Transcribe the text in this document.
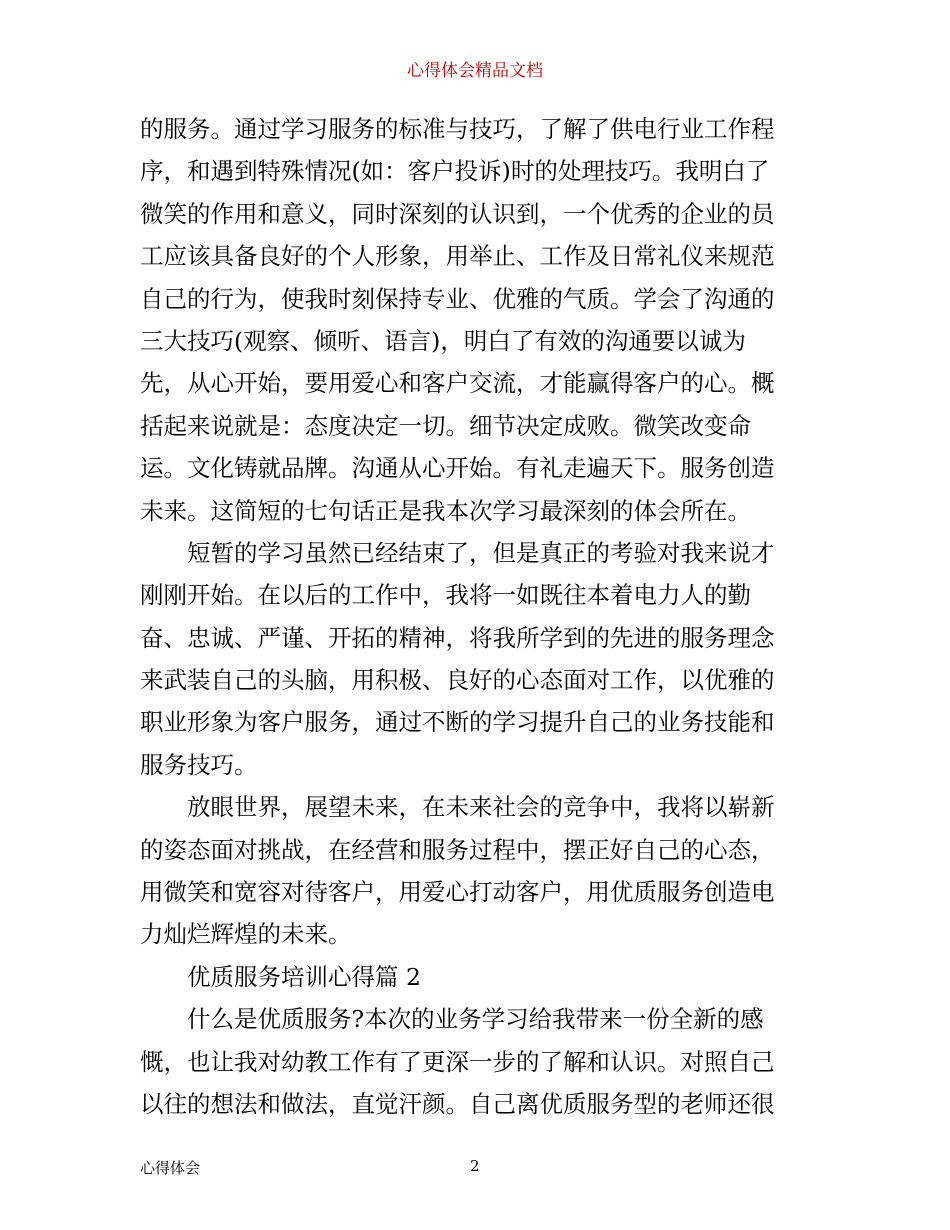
心得体会精品文档
的服务。通过学习服务的标准与技巧，了解了供电行业工作程
序，和遇到特殊情况(如：客户投诉)时的处理技巧。我明白了
微笑的作用和意义，同时深刻的认识到，一个优秀的企业的员
工应该具备良好的个人形象，用举止、工作及日常礼仪来规范
自己的行为，使我时刻保持专业、优雅的气质。学会了沟通的
三大技巧(观察、倾听、语言)，明白了有效的沟通要以诚为
先，从心开始，要用爱心和客户交流，才能赢得客户的心。概
括起来说就是：态度决定一切。细节决定成败。微笑改变命
运。文化铸就品牌。沟通从心开始。有礼走遍天下。服务创造
未来。这简短的七句话正是我本次学习最深刻的体会所在。
短暂的学习虽然已经结束了，但是真正的考验对我来说才
刚刚开始。在以后的工作中，我将一如既往本着电力人的勤
奋、忠诚、严谨、开拓的精神，将我所学到的先进的服务理念
来武装自己的头脑，用积极、良好的心态面对工作，以优雅的
职业形象为客户服务，通过不断的学习提升自己的业务技能和
服务技巧。
放眼世界，展望未来，在未来社会的竞争中，我将以崭新
的姿态面对挑战，在经营和服务过程中，摆正好自己的心态，
用微笑和宽容对待客户，用爱心打动客户，用优质服务创造电
力灿烂辉煌的未来。
优质服务培训心得篇 2
什么是优质服务?本次的业务学习给我带来一份全新的感
慨，也让我对幼教工作有了更深一步的了解和认识。对照自己
以往的想法和做法，直觉汗颜。自己离优质服务型的老师还很
心得体会	2
